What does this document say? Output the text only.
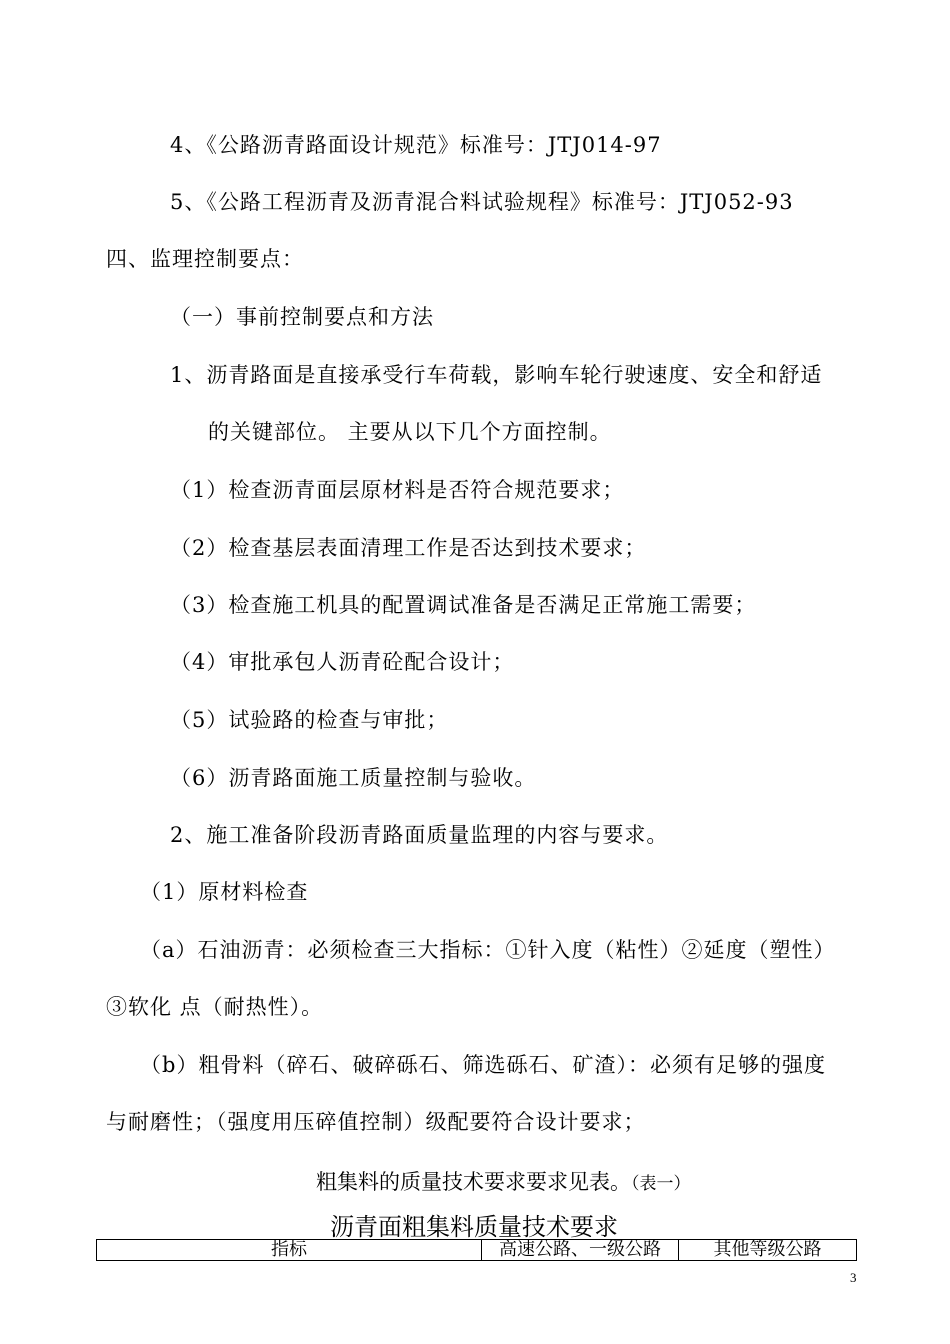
4、《公路沥青路面设计规范》标准号：JTJ014-97
5、《公路工程沥青及沥青混合料试验规程》标准号：JTJ052-93
四、监理控制要点：
（一）事前控制要点和方法
1、沥青路面是直接承受行车荷载，影响车轮行驶速度、安全和舒适
的关键部位。 主要从以下几个方面控制。
（1）检查沥青面层原材料是否符合规范要求；
（2）检查基层表面清理工作是否达到技术要求；
（3）检查施工机具的配置调试准备是否满足正常施工需要；
（4）审批承包人沥青砼配合设计；
（5）试验路的检查与审批；
（6）沥青路面施工质量控制与验收。
2、施工准备阶段沥青路面质量监理的内容与要求。
（1）原材料检查
（a）石油沥青：必须检查三大指标：①针入度（粘性）②延度（塑性）
③软化 点（耐热性）。
（b）粗骨料（碎石、破碎砾石、筛选砾石、矿渣）：必须有足够的强度
与耐磨性；（强度用压碎值控制）级配要符合设计要求；
粗集料的质量技术要求要求见表。（表一）
沥青面粗集料质量技术要求
指标	高速公路、一级公路	其他等级公路
3
